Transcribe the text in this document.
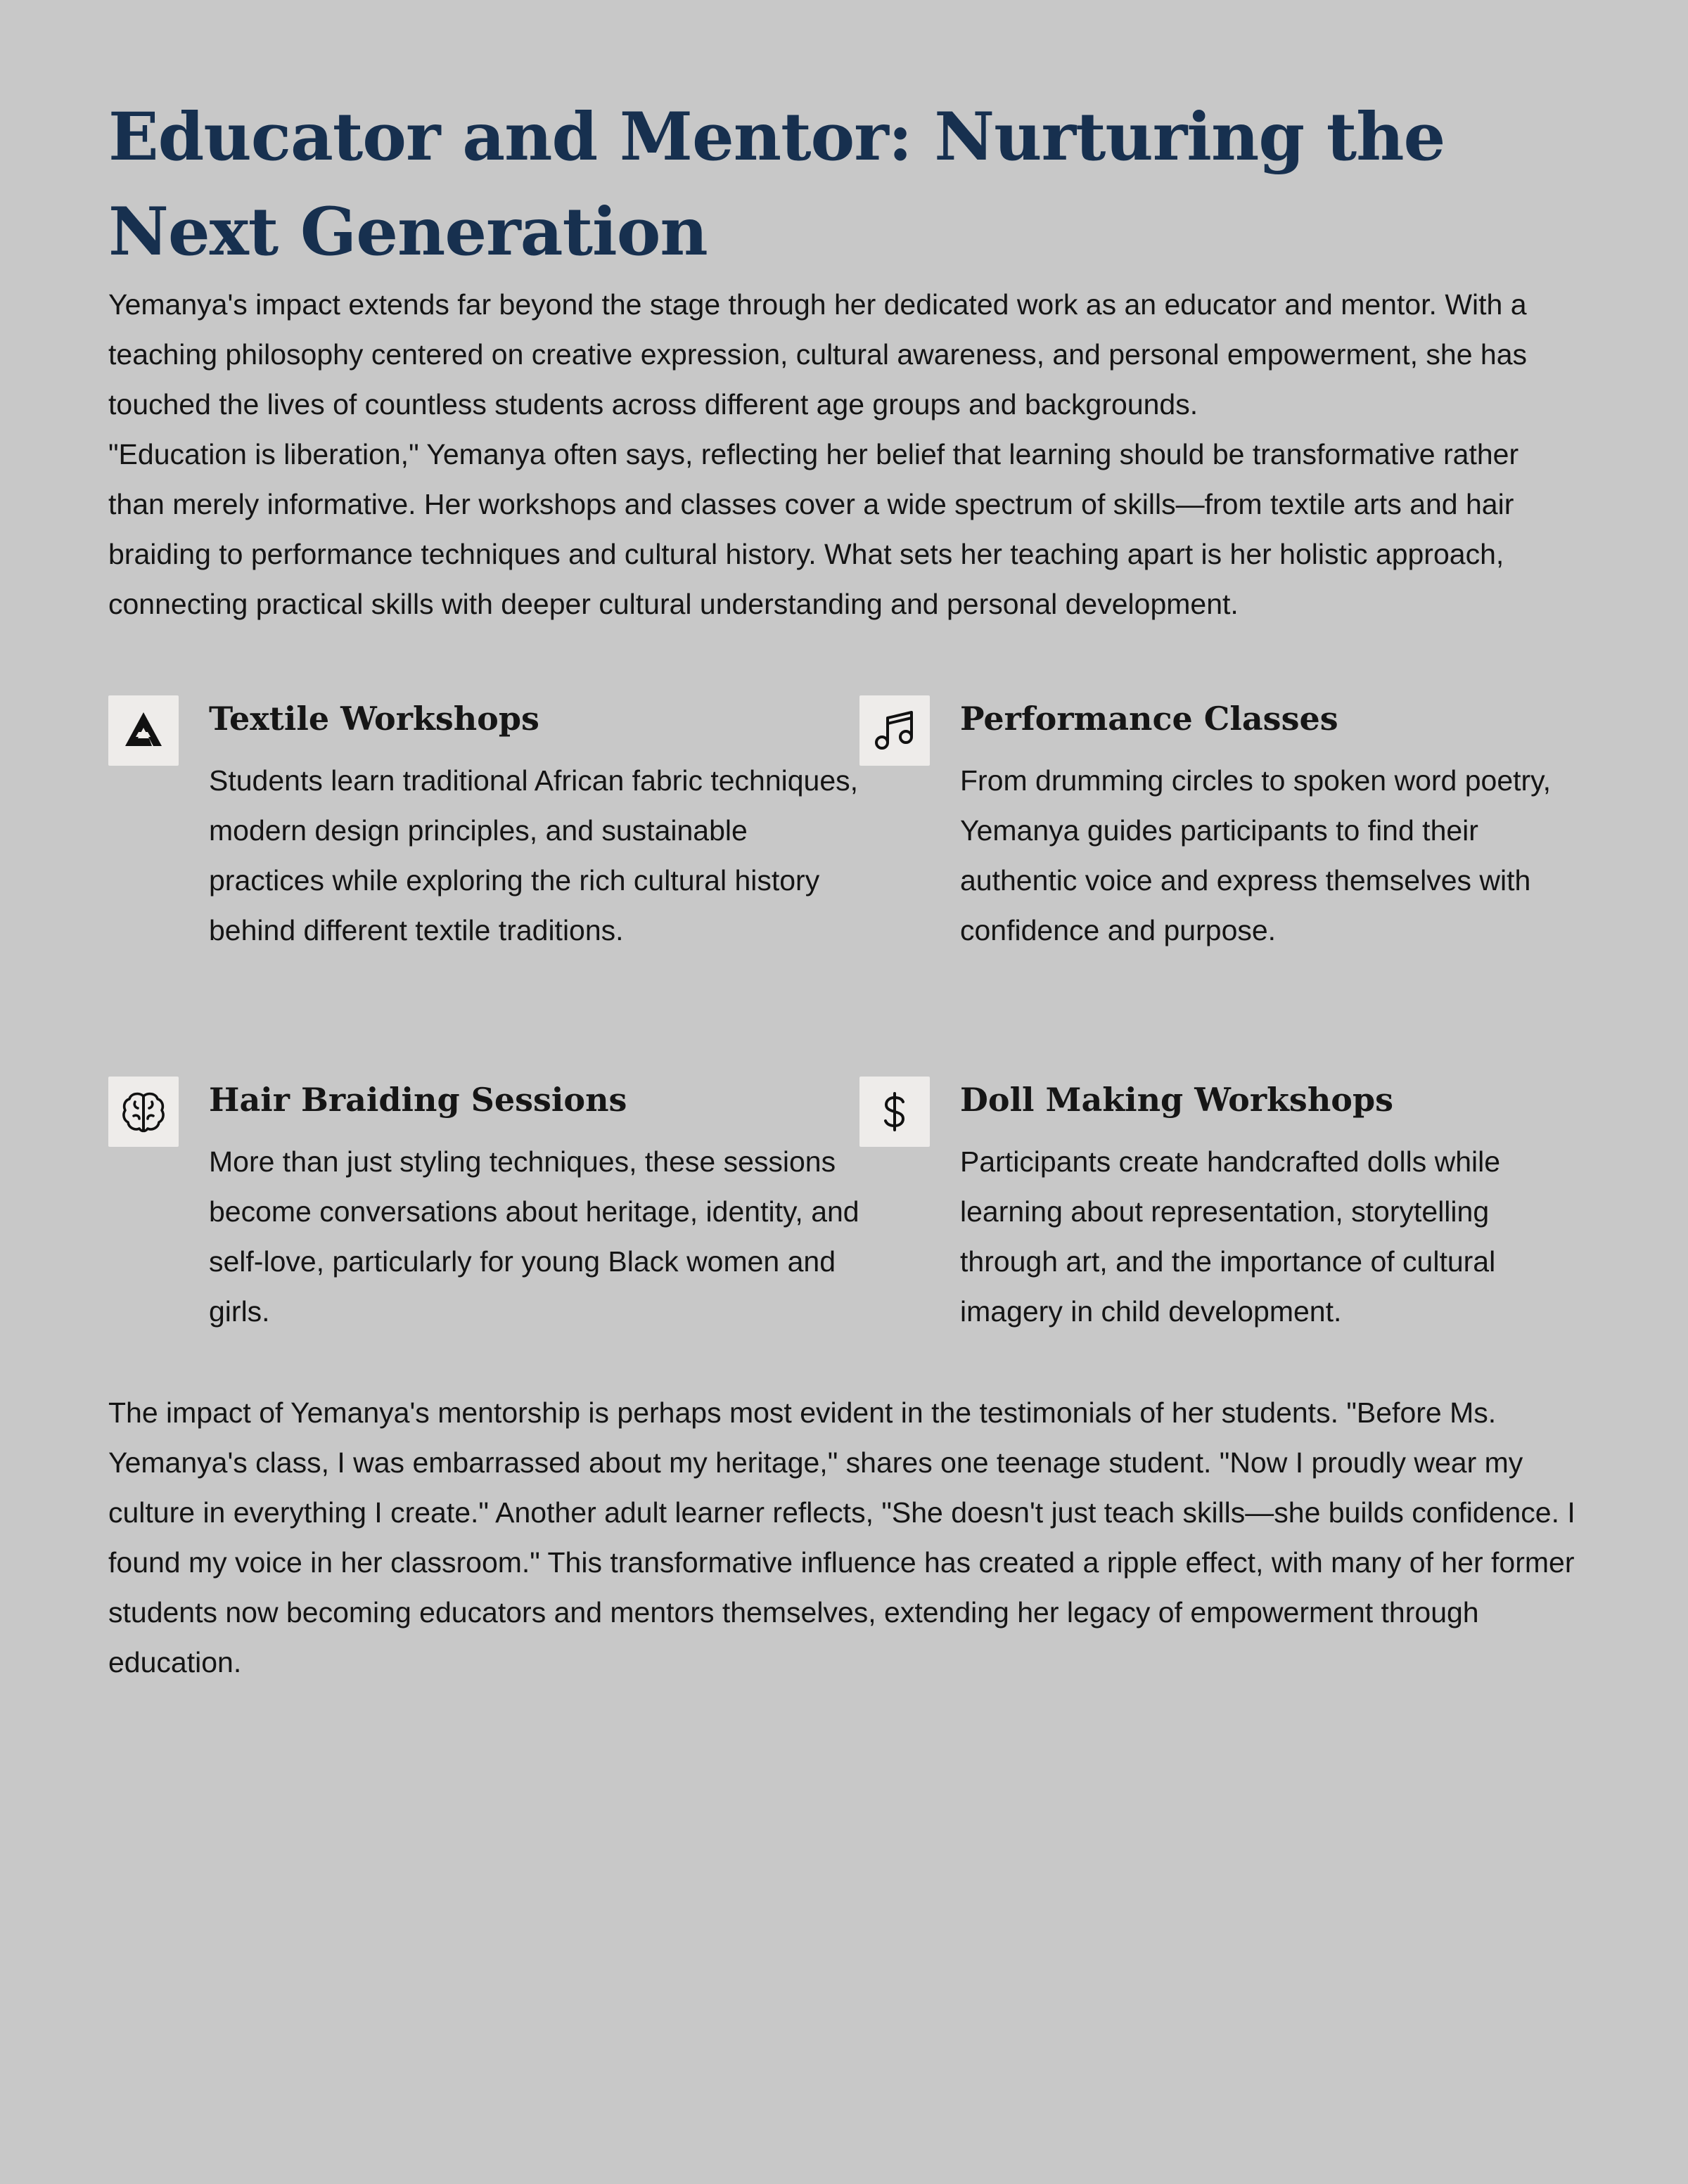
Educator and Mentor: Nurturing the Next Generation

Yemanya's impact extends far beyond the stage through her dedicated work as an educator and mentor. With a teaching philosophy centered on creative expression, cultural awareness, and personal empowerment, she has touched the lives of countless students across different age groups and backgrounds.

"Education is liberation," Yemanya often says, reflecting her belief that learning should be transformative rather than merely informative. Her workshops and classes cover a wide spectrum of skills—from textile arts and hair braiding to performance techniques and cultural history. What sets her teaching apart is her holistic approach, connecting practical skills with deeper cultural understanding and personal development.

Textile Workshops

Students learn traditional African fabric techniques, modern design principles, and sustainable practices while exploring the rich cultural history behind different textile traditions.

Performance Classes

From drumming circles to spoken word poetry, Yemanya guides participants to find their authentic voice and express themselves with confidence and purpose.

Hair Braiding Sessions

More than just styling techniques, these sessions become conversations about heritage, identity, and self-love, particularly for young Black women and girls.

Doll Making Workshops

Participants create handcrafted dolls while learning about representation, storytelling through art, and the importance of cultural imagery in child development.

The impact of Yemanya's mentorship is perhaps most evident in the testimonials of her students. "Before Ms. Yemanya's class, I was embarrassed about my heritage," shares one teenage student. "Now I proudly wear my culture in everything I create." Another adult learner reflects, "She doesn't just teach skills—she builds confidence. I found my voice in her classroom." This transformative influence has created a ripple effect, with many of her former students now becoming educators and mentors themselves, extending her legacy of empowerment through education.
